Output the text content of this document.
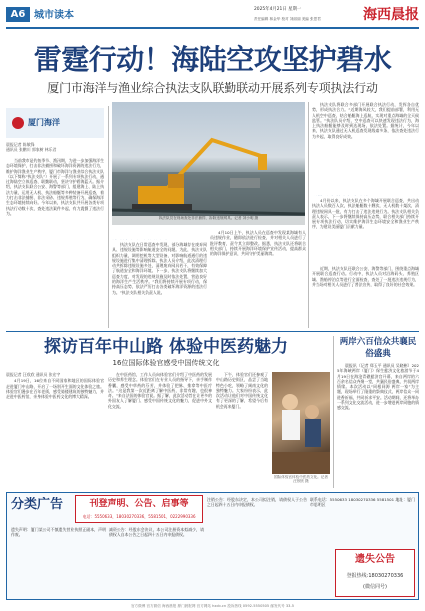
A6 城市读本
2025年4月21日 星期一
责任编辑 林金华 校对 刘丽丽 美编 张思君	海西晨报
雷霆行动！海陆空攻坚护碧水
厦门市海洋与渔业综合执法支队联勤联动开展系列专项执法行动
厦门海洋
晨报记者 陈敏锋
通讯员 张鹏川 郭家树 林乐君

当前我市是钓鱼季节、渔汛期，为进一步加强海洋生态环境保护，打击非法捕捞和破坏海洋资源的违法行为，维护海洋渔业生产秩序，厦门市海洋与渔业综合执法支队（以下简称“执法支队”）开展了一系列专项执法行动，通过海陆空立体巡查、联勤联动，坚决守护碧海蓝天。据介绍，执法支队联合公安、海警等部门，组建海上、陆上执法力量，运用无人机、执法船艇等多种装备开展巡查，着力打击非法捕捞、非法采砂、违规养殖等行为，确保海洋生态环境持续向好。今年以来，执法支队共开展各类专项执法行动数十次，查处违法案件多起，有力震慑了违法行为。

执法队员在现场查处非法捕捞，拆除违规网具。记者 刘小明 摄

执法支队在日常巡查中发现，部分海域存在废弃网具、违规设施等影响航道安全的问题。为此，执法支队组织力量，调用挖机等大型设备，对影响航道通行的违规设施进行集中清理拆除。执法人员介绍，此次清理行动共拆除违规设施多处，清理废弃网具若干，有效保障了航道安全和海洋环境。下一步，执法支队将继续加大巡查力度，对发现的违规设施及时依法处置，营造良好的海洋生产生活秩序。“我们将持续开展专项行动，保持高压态势，依法严厉打击各类破坏海洋资源的违法行为。”执法支队相关负责人说。

4月10日上午，执法人员在巡查中发现某海域有人员违规作业，随即依法进行检查，并对相关人员进行了批评教育，责令其立即整改。据悉，执法支队还将联合相关部门，持续开展海洋环境保护宣传活动，提高群众的海洋保护意识，共同守护美丽海湾。

执法支队将联合多部门开展联合执法行动，发挥各自优势，形成执法合力。“近期海风较大，我们提前部署，利用无人机空中巡查，结合船艇海上巡航，实现对重点海域的全天候监管。”执法队员介绍，空中巡查可以快速发现违法行为，海上执法船艇能够及时到达现场，依法处置。据统计，今年以来，执法支队通过无人机巡查发现线索多条，依法查处违法行为多起，取得良好成效。

4月份以来，执法支队在多个海域开展联合巡查，共出动执法人员数百人次，执法船艇数十艘次，无人机数十架次，清理违规网具一批，有力打击了违法违规行为。执法支队相关负责人表示，下一步将继续保持高压态势，联合相关部门持续开展专项执法行动，切实维护海洋生态环境安全和渔业生产秩序，为建设美丽厦门贡献力量。

近期，执法支队还联合公安、海警等部门，围绕重点海域开展联合巡查行动。行动中，执法人员对沿海码头、养殖区域、渔船停泊点等进行全面检查，查处了一批违法违规行为，并当场对相关人员进行了普法宣传，取得了良好的社会效果。

探访百年中山路 体验中医药魅力
16位国际体验官感受中国传统文化

晨报记者 汪欣欣 通讯员 张宏宇

4月19日，16位来自不同国家和地区的国际体验官走进厦门中山路，开启了一场别开生面的文化体验之旅。体验官们漫步在百年老街，感受骑楼建筑的独特魅力，并走进中医药馆，亲身体验中医药文化的博大精深。

在中医药馆，工作人员向体验官们介绍了中医药的发展历史和养生理念。体验官们在专业人员的指导下，亲手制作香囊，感受中草药的芬芳，并体验了把脉、推拿等中医疗法。“这是我第一次近距离了解中医药，非常有趣，也很神奇。”来自法国的体验官说。据了解，此次活动旨在让更多的外国友人了解厦门、感受中国传统文化的魅力，促进中外文化交流。

下午，体验官们还参观了中山路历史街区，品尝了当地特色小吃，领略了闽南文化的独特魅力。大家纷纷表示，此次活动让他们对中国传统文化有了更深的了解，希望今后有机会再来厦门。

国际体验官体验中医药文化。记者 汪欣欣 摄
两岸六百信众共襄民俗盛典

晨报讯（记者 郑玉平 通讯员 吴晓彬）2025年海峡两岸（厦门）保生慈济文化旅游节于4月19日在海沧青礁慈济宫开幕，来自两岸的六百余名信众齐聚一堂，共襄民俗盛典，共叙两岸情缘。本次活动以“同根同源 两岸一家”为主题，现场举行了隆重的祭典仪式，两岸信众一同进香祈福，共同祈求平安。活动期间，还将举办一系列文化交流活动，进一步增进两岸同胞的情感交流。

分类广告	刊登声明、公告、启事等
电话：5550633，18030270336，5581501，0222990336

遗失声明：厦门某公司不慎遗失营业执照正副本，声明作废。

减资公告：经股东会决议，本公司注册资本拟减少，请债权人自本公告之日起四十五日内申报债权。

注销公告：经股东决定，本公司拟注销，请债权人于公告之日起四十五日内申报债权。

联系电话：5550633 18030270336 5581501 地址：厦门市思明区

遗失公告
登报热线:18030270336
(微信同号)
官方微博 官方微信 海西晨报 厦门晨报网 官方网站 hxcb.cn 投诉热线 0592-5550505 邮发代号 33-5
